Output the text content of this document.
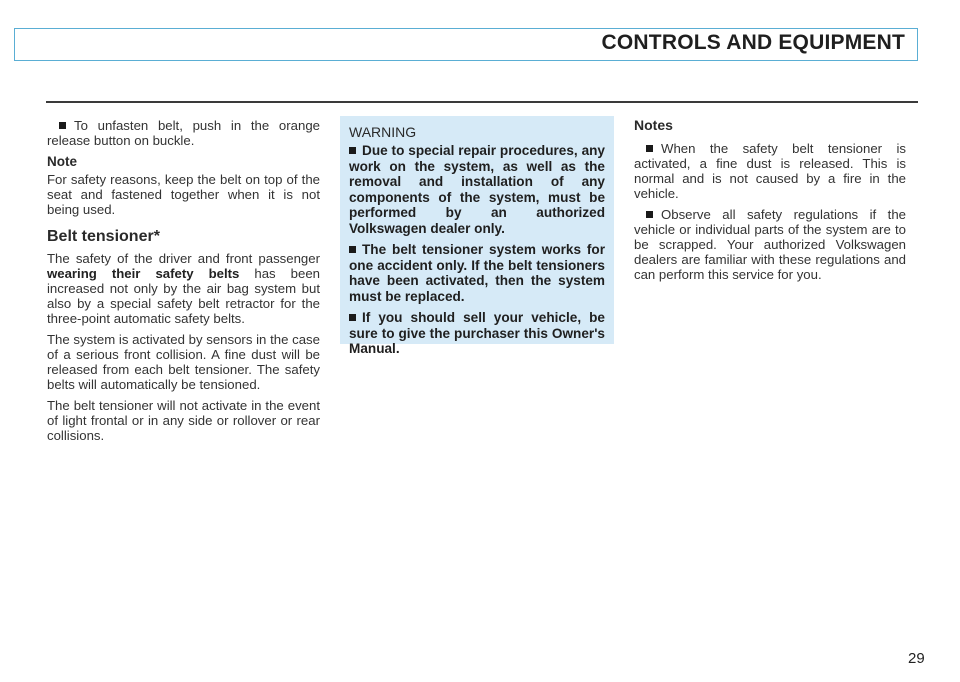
CONTROLS AND EQUIPMENT

To unfasten belt, push in the orange release button on buckle.

Note

For safety reasons, keep the belt on top of the seat and fastened together when it is not being used.

Belt tensioner*

The safety of the driver and front passenger wearing their safety belts has been increased not only by the air bag system but also by a special safety belt retractor for the three-point automatic safety belts.

The system is activated by sensors in the case of a serious front collision. A fine dust will be released from each belt tensioner. The safety belts will automatically be tensioned.

The belt tensioner will not activate in the event of light frontal or in any side or rollover or rear collisions.

WARNING

Due to special repair procedures, any work on the system, as well as the removal and installation of any components of the system, must be performed by an authorized Volkswagen dealer only.

The belt tensioner system works for one accident only. If the belt tensioners have been activated, then the system must be replaced.

If you should sell your vehicle, be sure to give the purchaser this Owner's Manual.

Notes

When the safety belt tensioner is activated, a fine dust is released. This is normal and is not caused by a fire in the vehicle.

Observe all safety regulations if the vehicle or individual parts of the system are to be scrapped. Your authorized Volkswagen dealers are familiar with these regulations and can perform this service for you.

29
